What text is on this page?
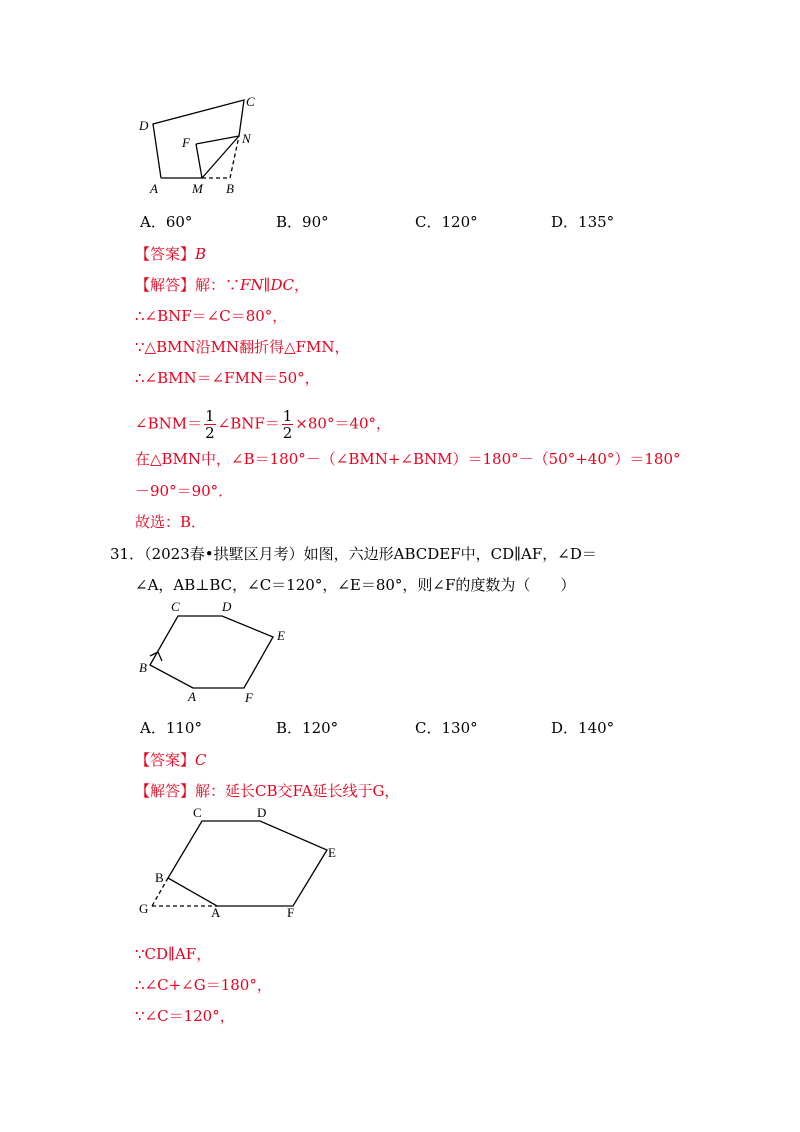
D
C
F	N
A	M B
A．60°	B．90°	C．120°	D．135°
【答案】B
【解答】解：∵FN∥DC，
∴∠BNF＝∠C＝80°，
∵△BMN沿MN翻折得△FMN，
∴∠BMN＝∠FMN＝50°，
∠BNM＝ $\frac{1}{2}$ ∠BNF＝ $\frac{1}{2} \times 80^\circ=40^\circ$，
在△BMN中，∠B＝180°－（∠BMN+∠BNM）＝180°－（50°+40°）＝180°
－90°＝90°．
故选：B．
31．（2023春•拱墅区月考）如图，六边形ABCDEF中，CD∥AF，∠D＝
∠A，AB⊥BC，∠C＝120°，∠E＝80°，则∠F的度数为（　　）
C	D
E
B
A	F
A．110°	B．120°	C．130°	D．140°
【答案】C
【解答】解：延长CB交FA延长线于G，
C	D
E
B
G	A	F
∵CD∥AF，
∴∠C+∠G＝180°，
∵∠C＝120°，
